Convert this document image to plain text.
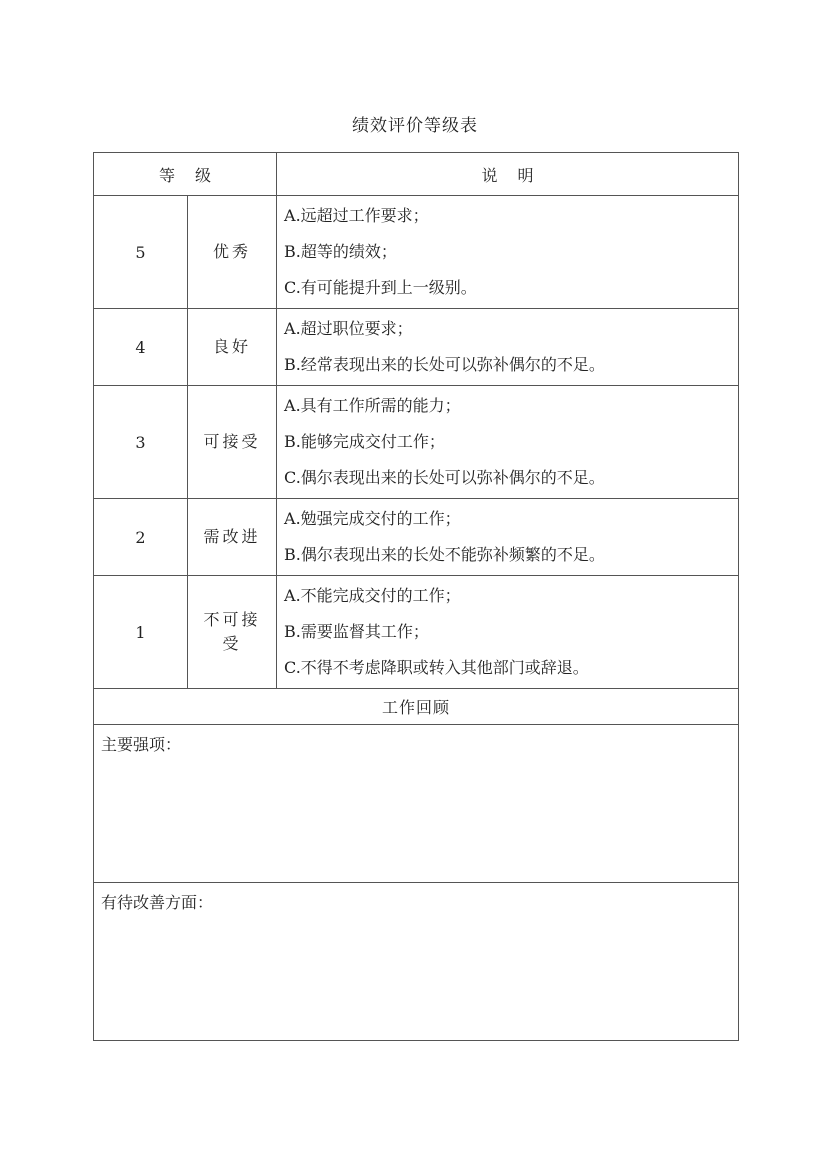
绩效评价等级表
等级		说明
5	优秀	A.远超过工作要求；
B.超等的绩效；
C.有可能提升到上一级别。

4	良好	A.超过职位要求；
B.经常表现出来的长处可以弥补偶尔的不足。

3	可接受	A.具有工作所需的能力；
B.能够完成交付工作；
C.偶尔表现出来的长处可以弥补偶尔的不足。

2	需改进	A.勉强完成交付的工作；
B.偶尔表现出来的长处不能弥补频繁的不足。

1	不可接受	A.不能完成交付的工作；
B.需要监督其工作；
C.不得不考虑降职或转入其他部门或辞退。

工作回顾		

主要强项：		

有待改善方面：		
